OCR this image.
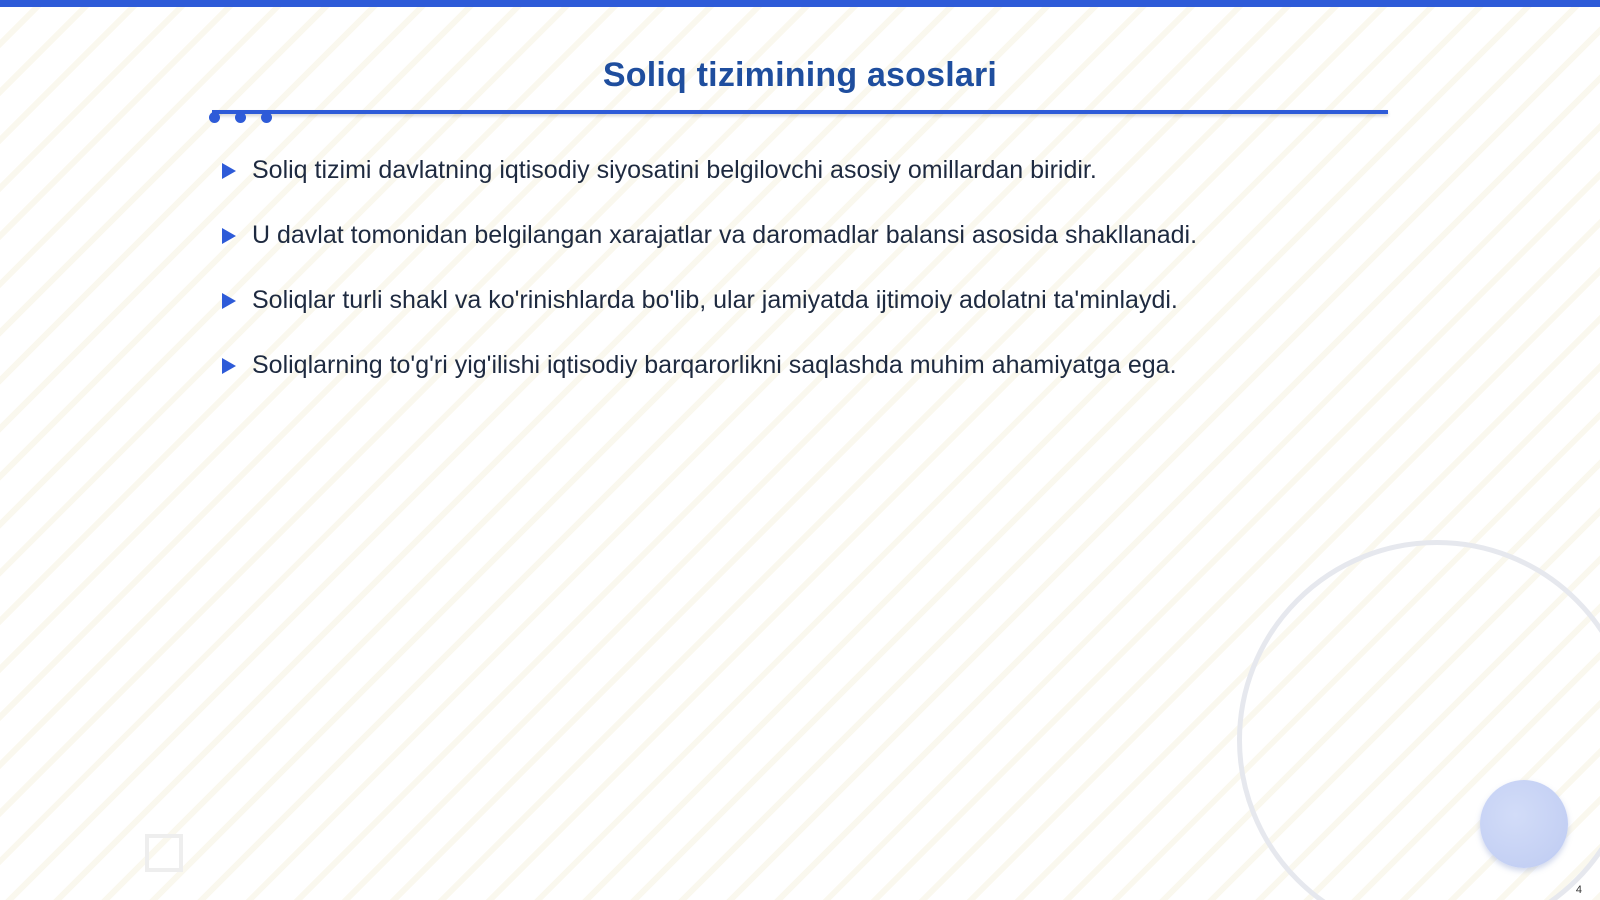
Soliq tizimining asoslari
Soliq tizimi davlatning iqtisodiy siyosatini belgilovchi asosiy omillardan biridir.
U davlat tomonidan belgilangan xarajatlar va daromadlar balansi asosida shakllanadi.
Soliqlar turli shakl va ko'rinishlarda bo'lib, ular jamiyatda ijtimoiy adolatni ta'minlaydi.
Soliqlarning to'g'ri yig'ilishi iqtisodiy barqarorlikni saqlashda muhim ahamiyatga ega.
4
